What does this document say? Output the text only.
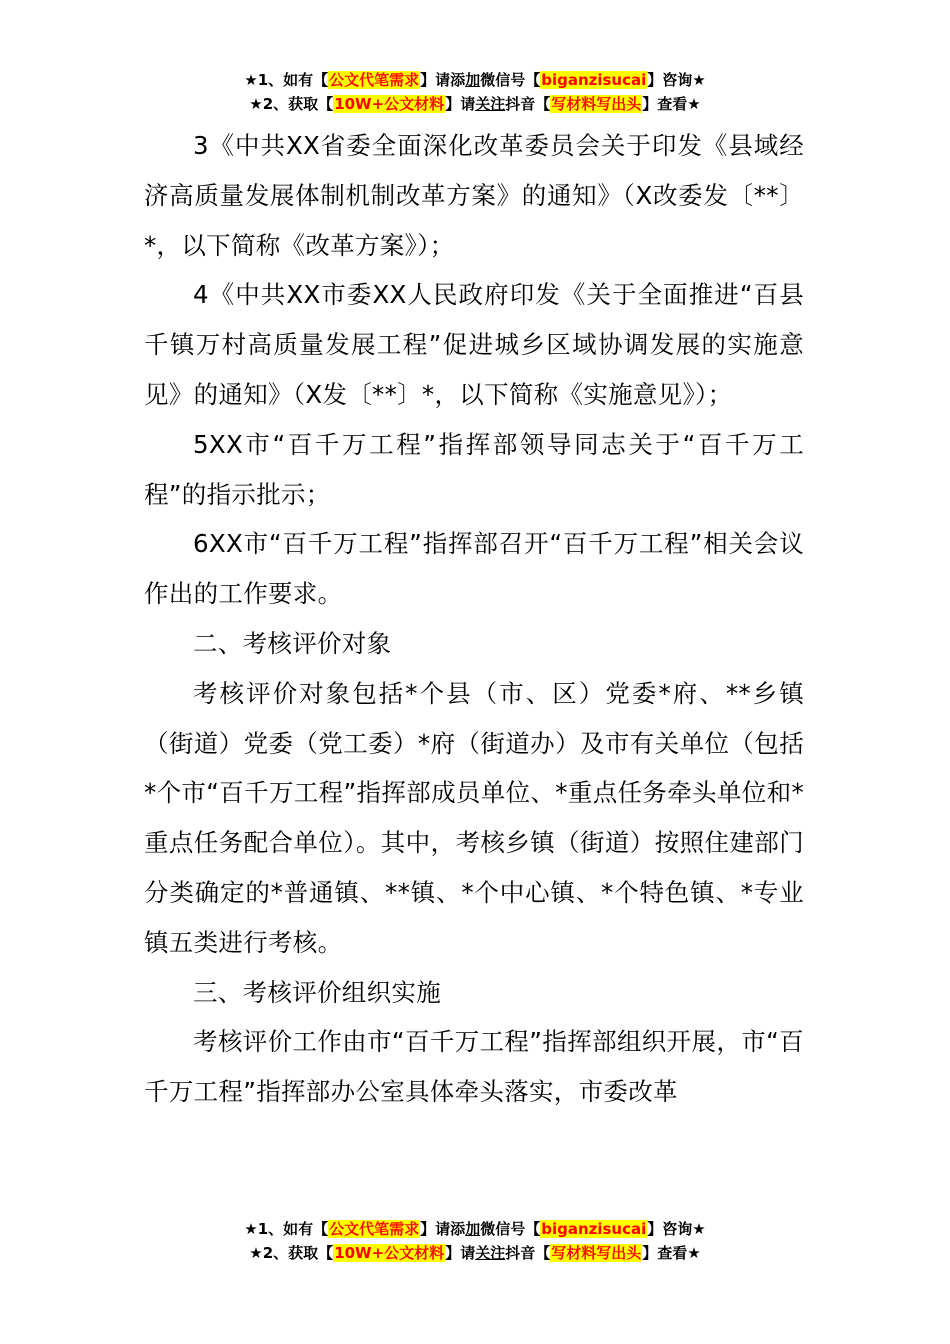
★1、如有【公文代笔需求】请添加微信号【biganzisucai】咨询★
★2、获取【10W+公文材料】请关注抖音【写材料写出头】查看★

3《中共XX省委全面深化改革委员会关于印发《县域经济高质量发展体制机制改革方案》的通知》（X改委发〔**〕*，以下简称《改革方案》）；

4《中共XX市委XX人民政府印发《关于全面推进“百县千镇万村高质量发展工程”促进城乡区域协调发展的实施意见》的通知》（X发〔**〕*，以下简称《实施意见》）；

5XX市“百千万工程”指挥部领导同志关于“百千万工程”的指示批示；

6XX市“百千万工程”指挥部召开“百千万工程”相关会议作出的工作要求。

二、考核评价对象

考核评价对象包括*个县（市、区）党委*府、**乡镇（街道）党委（党工委）*府（街道办）及市有关单位（包括*个市“百千万工程”指挥部成员单位、*重点任务牵头单位和*重点任务配合单位）。其中，考核乡镇（街道）按照住建部门分类确定的*普通镇、**镇、*个中心镇、*个特色镇、*专业镇五类进行考核。

三、考核评价组织实施

考核评价工作由市“百千万工程”指挥部组织开展，市“百千万工程”指挥部办公室具体牵头落实，市委改革

★1、如有【公文代笔需求】请添加微信号【biganzisucai】咨询★
★2、获取【10W+公文材料】请关注抖音【写材料写出头】查看★
